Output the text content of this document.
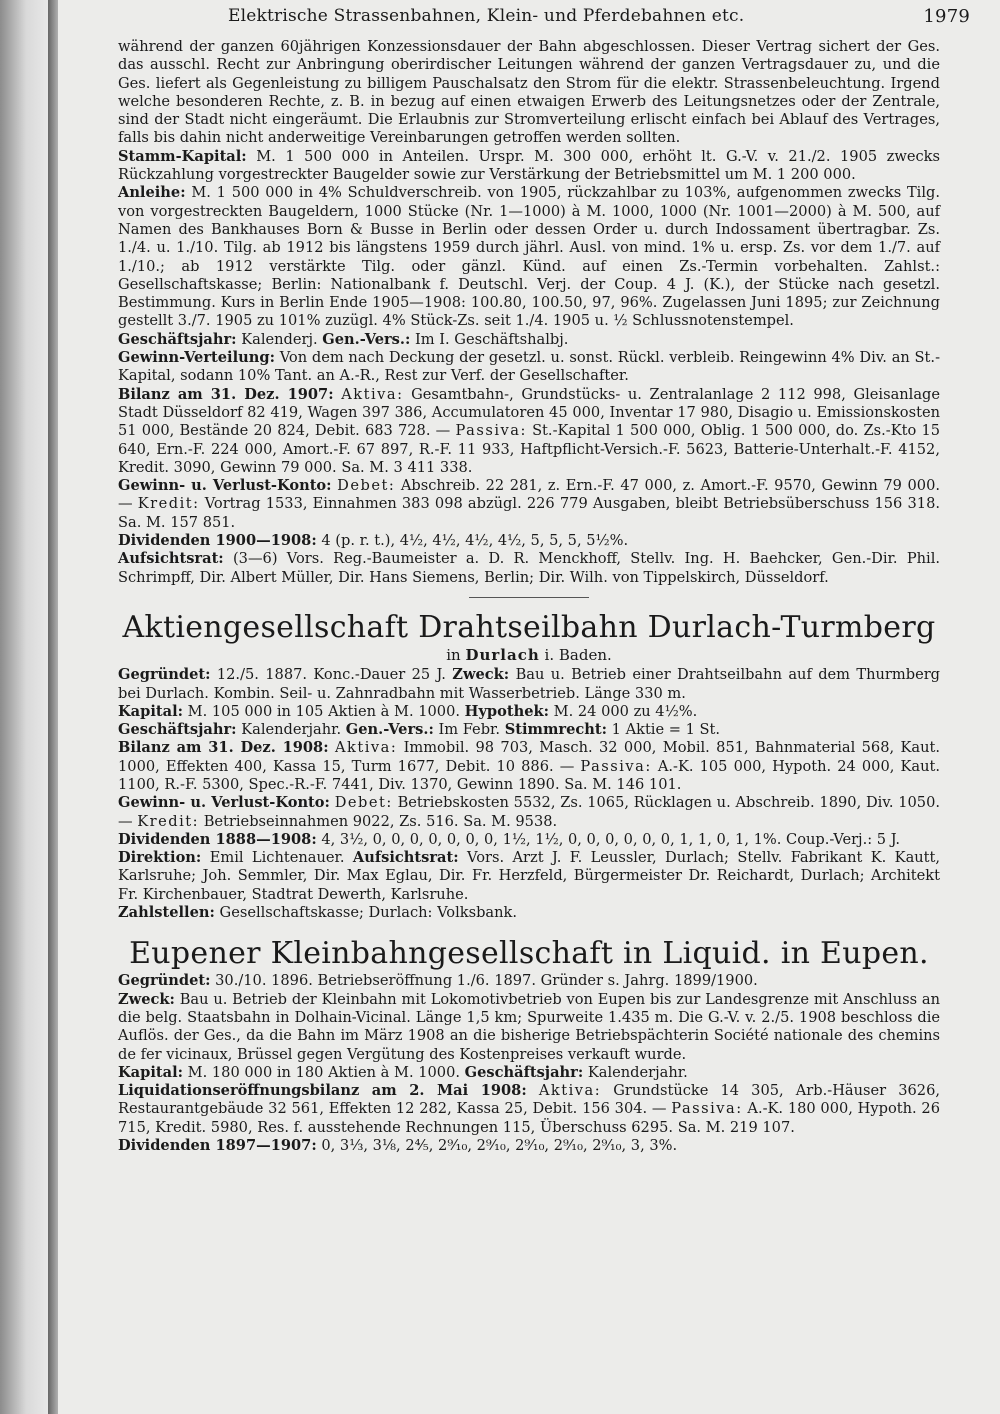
Elektrische Strassenbahnen, Klein- und Pferdebahnen etc.	1979

während der ganzen 60jährigen Konzessionsdauer der Bahn abgeschlossen. Dieser Vertrag sichert der Ges. das ausschl. Recht zur Anbringung oberirdischer Leitungen während der ganzen Vertragsdauer zu, und die Ges. liefert als Gegenleistung zu billigem Pauschalsatz den Strom für die elektr. Strassenbeleuchtung. Irgend welche besonderen Rechte, z. B. in bezug auf einen etwaigen Erwerb des Leitungsnetzes oder der Zentrale, sind der Stadt nicht eingeräumt. Die Erlaubnis zur Stromverteilung erlischt einfach bei Ablauf des Vertrages, falls bis dahin nicht anderweitige Vereinbarungen getroffen werden sollten.

Stamm-Kapital: M. 1 500 000 in Anteilen. Urspr. M. 300 000, erhöht lt. G.-V. v. 21./2. 1905 zwecks Rückzahlung vorgestreckter Baugelder sowie zur Verstärkung der Betriebsmittel um M. 1 200 000.

Anleihe: M. 1 500 000 in 4% Schuldverschreib. von 1905, rückzahlbar zu 103%, aufgenommen zwecks Tilg. von vorgestreckten Baugeldern, 1000 Stücke (Nr. 1—1000) à M. 1000, 1000 (Nr. 1001—2000) à M. 500, auf Namen des Bankhauses Born & Busse in Berlin oder dessen Order u. durch Indossament übertragbar. Zs. 1./4. u. 1./10. Tilg. ab 1912 bis längstens 1959 durch jährl. Ausl. von mind. 1% u. ersp. Zs. vor dem 1./7. auf 1./10.; ab 1912 verstärkte Tilg. oder gänzl. Künd. auf einen Zs.-Termin vorbehalten. Zahlst.: Gesellschaftskasse; Berlin: Nationalbank f. Deutschl. Verj. der Coup. 4 J. (K.), der Stücke nach gesetzl. Bestimmung. Kurs in Berlin Ende 1905—1908: 100.80, 100.50, 97, 96%. Zugelassen Juni 1895; zur Zeichnung gestellt 3./7. 1905 zu 101% zuzügl. 4% Stück-Zs. seit 1./4. 1905 u. ½ Schlussnotenstempel.

Geschäftsjahr: Kalenderj. Gen.-Vers.: Im I. Geschäftshalbj.

Gewinn-Verteilung: Von dem nach Deckung der gesetzl. u. sonst. Rückl. verbleib. Reingewinn 4% Div. an St.-Kapital, sodann 10% Tant. an A.-R., Rest zur Verf. der Gesellschafter.

Bilanz am 31. Dez. 1907: Aktiva: Gesamtbahn-, Grundstücks- u. Zentralanlage 2 112 998, Gleisanlage Stadt Düsseldorf 82 419, Wagen 397 386, Accumulatoren 45 000, Inventar 17 980, Disagio u. Emissionskosten 51 000, Bestände 20 824, Debit. 683 728. — Passiva: St.-Kapital 1 500 000, Oblig. 1 500 000, do. Zs.-Kto 15 640, Ern.-F. 224 000, Amort.-F. 67 897, R.-F. 11 933, Haftpflicht-Versich.-F. 5623, Batterie-Unterhalt.-F. 4152, Kredit. 3090, Gewinn 79 000. Sa. M. 3 411 338.

Gewinn- u. Verlust-Konto: Debet: Abschreib. 22 281, z. Ern.-F. 47 000, z. Amort.-F. 9570, Gewinn 79 000. — Kredit: Vortrag 1533, Einnahmen 383 098 abzügl. 226 779 Ausgaben, bleibt Betriebsüberschuss 156 318. Sa. M. 157 851.

Dividenden 1900—1908: 4 (p. r. t.), 4½, 4½, 4½, 4½, 5, 5, 5, 5½%.

Aufsichtsrat: (3—6) Vors. Reg.-Baumeister a. D. R. Menckhoff, Stellv. Ing. H. Baehcker, Gen.-Dir. Phil. Schrimpff, Dir. Albert Müller, Dir. Hans Siemens, Berlin; Dir. Wilh. von Tippelskirch, Düsseldorf.

Aktiengesellschaft Drahtseilbahn Durlach-Turmberg
in Durlach i. Baden.

Gegründet: 12./5. 1887. Konc.-Dauer 25 J. Zweck: Bau u. Betrieb einer Drahtseilbahn auf dem Thurmberg bei Durlach. Kombin. Seil- u. Zahnradbahn mit Wasserbetrieb. Länge 330 m.

Kapital: M. 105 000 in 105 Aktien à M. 1000. Hypothek: M. 24 000 zu 4½%.

Geschäftsjahr: Kalenderjahr. Gen.-Vers.: Im Febr. Stimmrecht: 1 Aktie = 1 St.

Bilanz am 31. Dez. 1908: Aktiva: Immobil. 98 703, Masch. 32 000, Mobil. 851, Bahnmaterial 568, Kaut. 1000, Effekten 400, Kassa 15, Turm 1677, Debit. 10 886. — Passiva: A.-K. 105 000, Hypoth. 24 000, Kaut. 1100, R.-F. 5300, Spec.-R.-F. 7441, Div. 1370, Gewinn 1890. Sa. M. 146 101.

Gewinn- u. Verlust-Konto: Debet: Betriebskosten 5532, Zs. 1065, Rücklagen u. Abschreib. 1890, Div. 1050. — Kredit: Betriebseinnahmen 9022, Zs. 516. Sa. M. 9538.

Dividenden 1888—1908: 4, 3½, 0, 0, 0, 0, 0, 0, 0, 1½, 1½, 0, 0, 0, 0, 0, 0, 1, 1, 0, 1, 1%. Coup.-Verj.: 5 J.

Direktion: Emil Lichtenauer. Aufsichtsrat: Vors. Arzt J. F. Leussler, Durlach; Stellv. Fabrikant K. Kautt, Karlsruhe; Joh. Semmler, Dir. Max Eglau, Dir. Fr. Herzfeld, Bürgermeister Dr. Reichardt, Durlach; Architekt Fr. Kirchenbauer, Stadtrat Dewerth, Karlsruhe.

Zahlstellen: Gesellschaftskasse; Durlach: Volksbank.

Eupener Kleinbahngesellschaft in Liquid. in Eupen.

Gegründet: 30./10. 1896. Betriebseröffnung 1./6. 1897. Gründer s. Jahrg. 1899/1900.

Zweck: Bau u. Betrieb der Kleinbahn mit Lokomotivbetrieb von Eupen bis zur Landesgrenze mit Anschluss an die belg. Staatsbahn in Dolhain-Vicinal. Länge 1,5 km; Spurweite 1.435 m. Die G.-V. v. 2./5. 1908 beschloss die Auflös. der Ges., da die Bahn im März 1908 an die bisherige Betriebspächterin Société nationale des chemins de fer vicinaux, Brüssel gegen Vergütung des Kostenpreises verkauft wurde.

Kapital: M. 180 000 in 180 Aktien à M. 1000. Geschäftsjahr: Kalenderjahr.

Liquidationseröffnungsbilanz am 2. Mai 1908: Aktiva: Grundstücke 14 305, Arb.-Häuser 3626, Restaurantgebäude 32 561, Effekten 12 282, Kassa 25, Debit. 156 304. — Passiva: A.-K. 180 000, Hypoth. 26 715, Kredit. 5980, Res. f. ausstehende Rechnungen 115, Überschuss 6295. Sa. M. 219 107.

Dividenden 1897—1907: 0, 3⅓, 3⅛, 2⅘, 2⁹⁄₁₀, 2⁹⁄₁₀, 2⁹⁄₁₀, 2⁹⁄₁₀, 2⁹⁄₁₀, 3, 3%.
